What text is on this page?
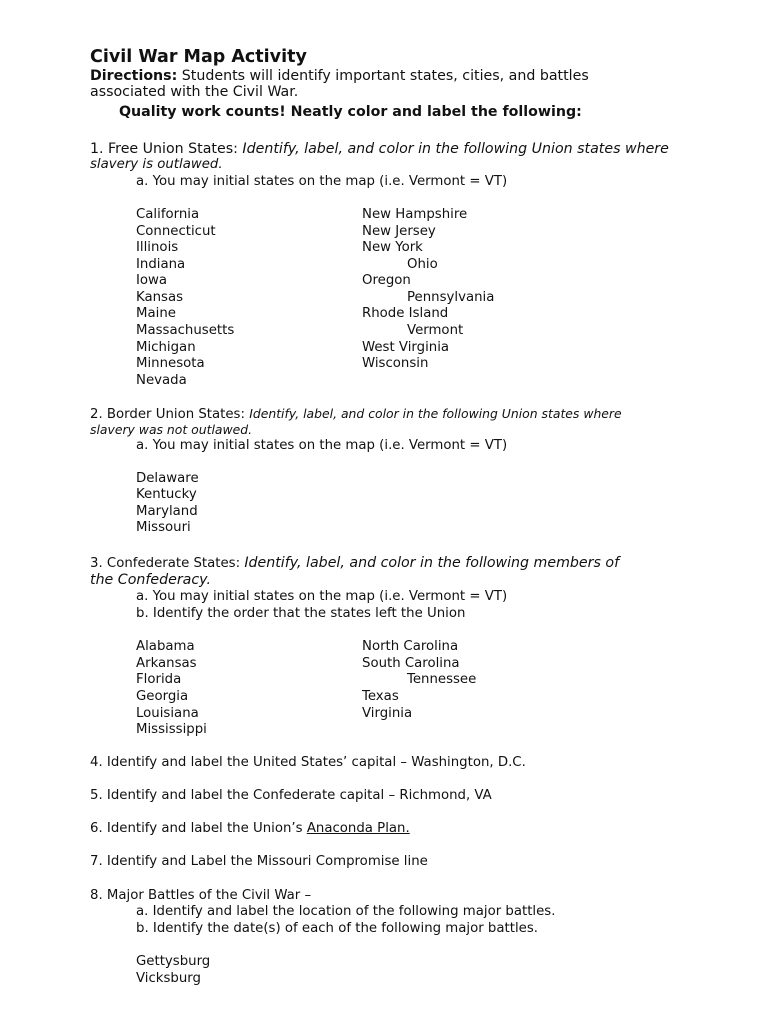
Civil War Map Activity
Directions: Students will identify important states, cities, and battles
associated with the Civil War.
Quality work counts! Neatly color and label the following:
1. Free Union States: Identify, label, and color in the following Union states where
slavery is outlawed.
a. You may initial states on the map (i.e. Vermont = VT)
California
Connecticut
Illinois
Indiana
Iowa
Kansas
Maine
Massachusetts
Michigan
Minnesota
Nevada
New Hampshire
New Jersey
New York
Ohio
Oregon
Pennsylvania
Rhode Island
Vermont
West Virginia
Wisconsin
2. Border Union States: Identify, label, and color in the following Union states where
slavery was not outlawed.
a. You may initial states on the map (i.e. Vermont = VT)
Delaware
Kentucky
Maryland
Missouri
3. Confederate States: Identify, label, and color in the following members of
the Confederacy.
a. You may initial states on the map (i.e. Vermont = VT)
b. Identify the order that the states left the Union
Alabama
Arkansas
Florida
Georgia
Louisiana
Mississippi
North Carolina
South Carolina
Tennessee
Texas
Virginia
4. Identify and label the United States’ capital – Washington, D.C.
5. Identify and label the Confederate capital – Richmond, VA
6. Identify and label the Union’s Anaconda Plan.
7. Identify and Label the Missouri Compromise line
8. Major Battles of the Civil War –
a. Identify and label the location of the following major battles.
b. Identify the date(s) of each of the following major battles.
Gettysburg
Vicksburg
